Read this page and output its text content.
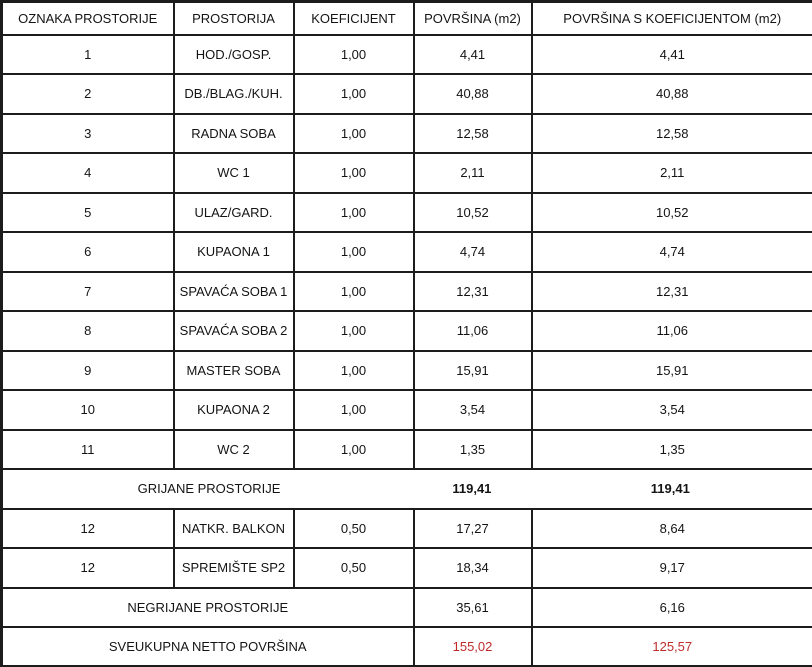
OZNAKA PROSTORIJE	PROSTORIJA	KOEFICIJENT	POVRŠINA (m2)	POVRŠINA S KOEFICIJENTOM (m2)
1	HOD./GOSP.	1,00	4,41	4,41
2	DB./BLAG./KUH.	1,00	40,88	40,88
3	RADNA SOBA	1,00	12,58	12,58
4	WC 1	1,00	2,11	2,11
5	ULAZ/GARD.	1,00	10,52	10,52
6	KUPAONA 1	1,00	4,74	4,74
7	SPAVAĆA SOBA 1	1,00	12,31	12,31
8	SPAVAĆA SOBA 2	1,00	11,06	11,06
9	MASTER SOBA	1,00	15,91	15,91
10	KUPAONA 2	1,00	3,54	3,54
11	WC 2	1,00	1,35	1,35

GRIJANE PROSTORIJE 119,41 119,41				

12	NATKR. BALKON	0,50	17,27	8,64
12	SPREMIŠTE SP2	0,50	18,34	9,17
NEGRIJANE PROSTORIJE			35,61	6,16
SVEUKUPNA NETTO POVRŠINA			155,02	125,57
